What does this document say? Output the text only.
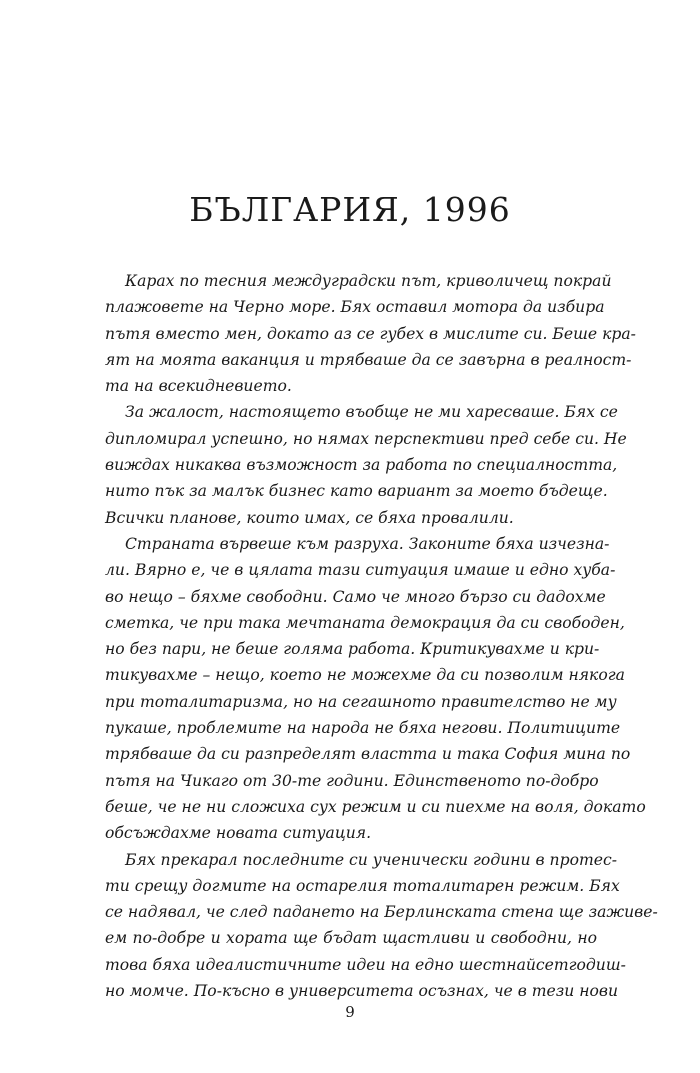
БЪЛГАРИЯ, 1996
Карах по тесния междуградски път, криволичещ покрай
плажовете на Черно море. Бях оставил мотора да избира
пътя вместо мен, докато аз се губех в мислите си. Беше кра-
ят на моята ваканция и трябваше да се завърна в реалност-
та на всекидневието.
За жалост, настоящето въобще не ми харесваше. Бях се
дипломирал успешно, но нямах перспективи пред себе си. Не
виждах никаква възможност за работа по специалността,
нито пък за малък бизнес като вариант за моето бъдеще.
Всички планове, които имах, се бяха провалили.
Страната вървеше към разруха. Законите бяха изчезна-
ли. Вярно е, че в цялата тази ситуация имаше и едно хуба-
во нещо – бяхме свободни. Само че много бързо си дадохме
сметка, че при така мечтаната демокрация да си свободен,
но без пари, не беше голяма работа. Критикувахме и кри-
тикувахме – нещо, което не можехме да си позволим някога
при тоталитаризма, но на сегашното правителство не му
пукаше, проблемите на народа не бяха негови. Политиците
трябваше да си разпределят властта и така София мина по
пътя на Чикаго от 30-те години. Единственото по-добро
беше, че не ни сложиха сух режим и си пиехме на воля, докато
обсъждахме новата ситуация.
Бях прекарал последните си ученически години в протес-
ти срещу догмите на остарелия тоталитарен режим. Бях
се надявал, че след падането на Берлинската стена ще заживе-
ем по-добре и хората ще бъдат щастливи и свободни, но
това бяха идеалистичните идеи на едно шестнайсетгодиш-
но момче. По-късно в университета осъзнах, че в тези нови
9
